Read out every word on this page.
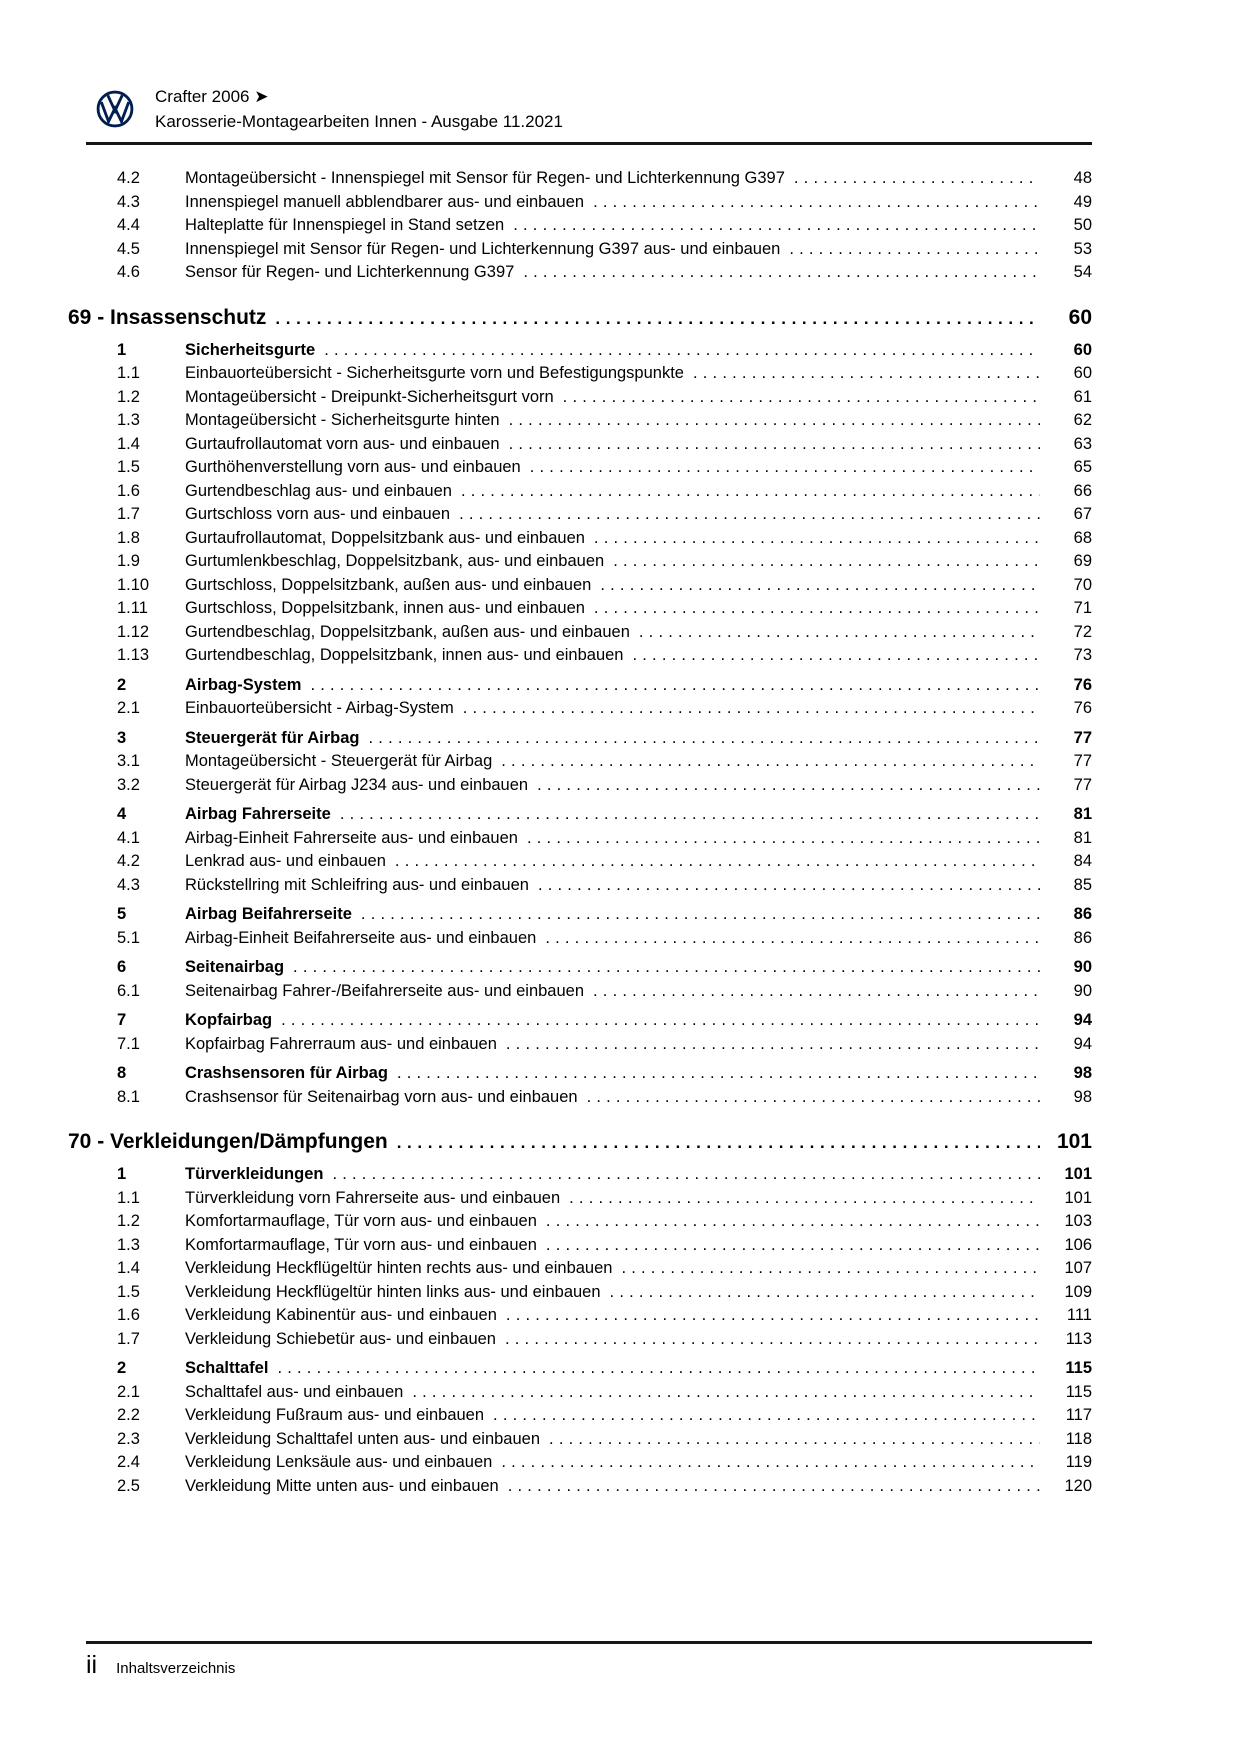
Crafter 2006 ➤
Karosserie-Montagearbeiten Innen - Ausgabe 11.2021
4.2	Montageübersicht - Innenspiegel mit Sensor für Regen- und Lichterkennung G397 .....	48
4.3	Innenspiegel manuell abblendbarer aus- und einbauen .....	49
4.4	Halteplatte für Innenspiegel in Stand setzen .....	50
4.5	Innenspiegel mit Sensor für Regen- und Lichterkennung G397 aus- und einbauen .....	53
4.6	Sensor für Regen- und Lichterkennung G397 .....	54
69 - Insassenschutz .....	60
1	Sicherheitsgurte .....	60
1.1	Einbauorteübersicht - Sicherheitsgurte vorn und Befestigungspunkte .....	60
1.2	Montageübersicht - Dreipunkt-Sicherheitsgurt vorn .....	61
1.3	Montageübersicht - Sicherheitsgurte hinten .....	62
1.4	Gurtaufrollautomat vorn aus- und einbauen .....	63
1.5	Gurthöhenverstellung vorn aus- und einbauen .....	65
1.6	Gurtendbeschlag aus- und einbauen .....	66
1.7	Gurtschloss vorn aus- und einbauen .....	67
1.8	Gurtaufrollautomat, Doppelsitzbank aus- und einbauen .....	68
1.9	Gurtumlenkbeschlag, Doppelsitzbank, aus- und einbauen .....	69
1.10	Gurtschloss, Doppelsitzbank, außen aus- und einbauen .....	70
1.11	Gurtschloss, Doppelsitzbank, innen aus- und einbauen .....	71
1.12	Gurtendbeschlag, Doppelsitzbank, außen aus- und einbauen .....	72
1.13	Gurtendbeschlag, Doppelsitzbank, innen aus- und einbauen .....	73
2	Airbag-System .....	76
2.1	Einbauorteübersicht - Airbag-System .....	76
3	Steuergerät für Airbag .....	77
3.1	Montageübersicht - Steuergerät für Airbag .....	77
3.2	Steuergerät für Airbag J234 aus- und einbauen .....	77
4	Airbag Fahrerseite .....	81
4.1	Airbag-Einheit Fahrerseite aus- und einbauen .....	81
4.2	Lenkrad aus- und einbauen .....	84
4.3	Rückstellring mit Schleifring aus- und einbauen .....	85
5	Airbag Beifahrerseite .....	86
5.1	Airbag-Einheit Beifahrerseite aus- und einbauen .....	86
6	Seitenairbag .....	90
6.1	Seitenairbag Fahrer-/Beifahrerseite aus- und einbauen .....	90
7	Kopfairbag .....	94
7.1	Kopfairbag Fahrerraum aus- und einbauen .....	94
8	Crashsensoren für Airbag .....	98
8.1	Crashsensor für Seitenairbag vorn aus- und einbauen .....	98
70 - Verkleidungen/Dämpfungen .....	101
1	Türverkleidungen .....	101
1.1	Türverkleidung vorn Fahrerseite aus- und einbauen .....	101
1.2	Komfortarmauflage, Tür vorn aus- und einbauen .....	103
1.3	Komfortarmauflage, Tür vorn aus- und einbauen .....	106
1.4	Verkleidung Heckflügeltür hinten rechts aus- und einbauen .....	107
1.5	Verkleidung Heckflügeltür hinten links aus- und einbauen .....	109
1.6	Verkleidung Kabinentür aus- und einbauen .....	111
1.7	Verkleidung Schiebetür aus- und einbauen .....	113
2	Schalttafel .....	115
2.1	Schalttafel aus- und einbauen .....	115
2.2	Verkleidung Fußraum aus- und einbauen .....	117
2.3	Verkleidung Schalttafel unten aus- und einbauen .....	118
2.4	Verkleidung Lenksäule aus- und einbauen .....	119
2.5	Verkleidung Mitte unten aus- und einbauen .....	120
ii Inhaltsverzeichnis
